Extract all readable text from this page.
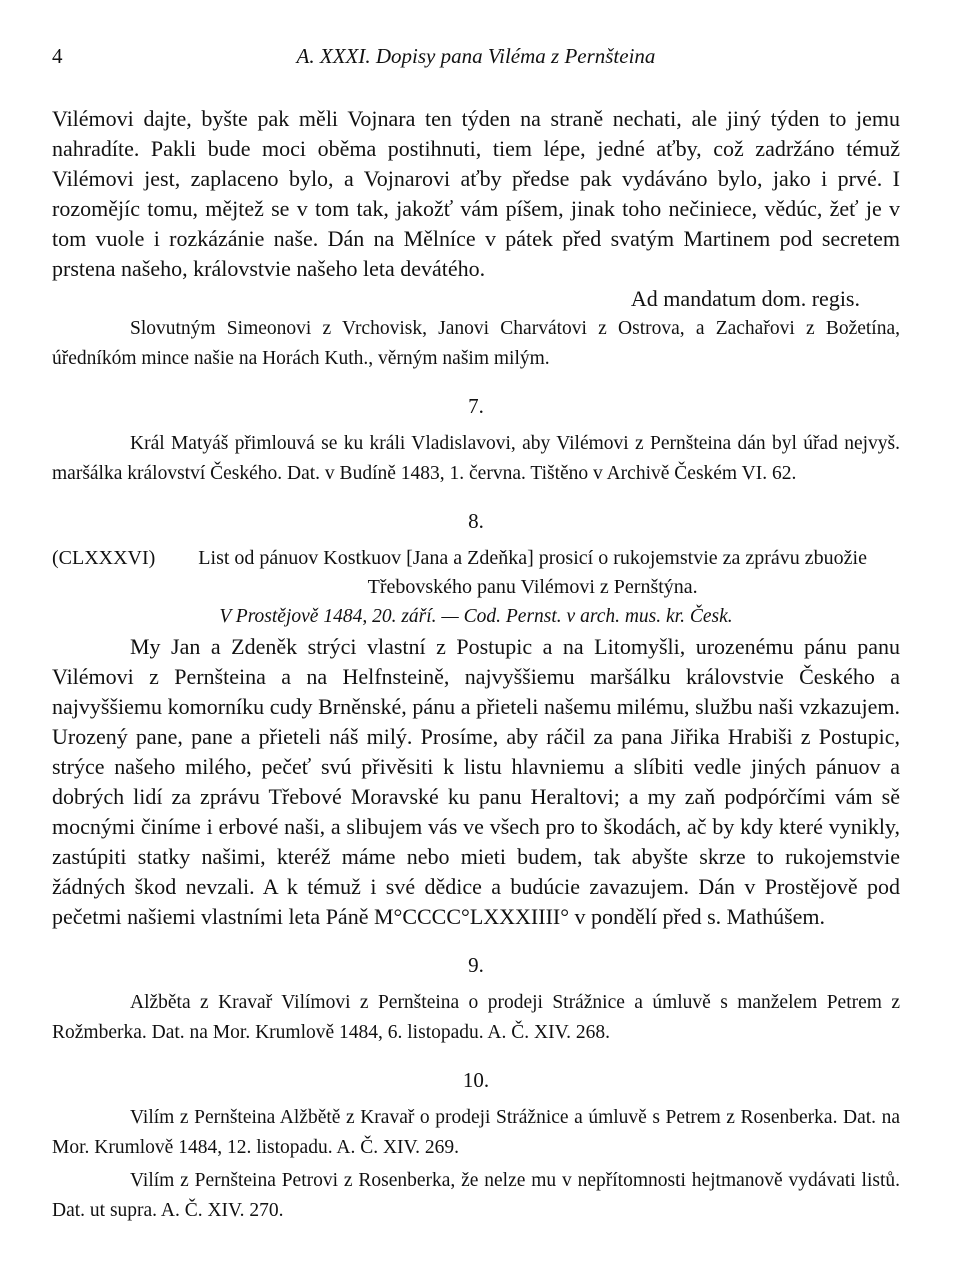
4	A. XXXI. Dopisy pana Viléma z Pernšteina

Vilémovi dajte, byšte pak měli Vojnara ten týden na straně nechati, ale jiný týden to jemu nahradíte. Pakli bude moci oběma postihnuti, tiem lépe, jedné aťby, což zadržáno témuž Vilémovi jest, zaplaceno bylo, a Vojnarovi aťby předse pak vydáváno bylo, jako i prvé. I rozomějíc tomu, mějtež se v tom tak, jakožť vám píšem, jinak toho nečiniece, vědúc, žeť je v tom vuole i rozkázánie naše. Dán na Mělníce v pátek před svatým Martinem pod secretem prstena našeho, královstvie našeho leta devátého.

Ad mandatum dom. regis.

Slovutným Simeonovi z Vrchovisk, Janovi Charvátovi z Ostrova, a Zachařovi z Božetína, úředníkóm mince našie na Horách Kuth., věrným našim milým.

7.

Král Matyáš přimlouvá se ku králi Vladislavovi, aby Vilémovi z Pernšteina dán byl úřad nejvyš. maršálka království Českého. Dat. v Budíně 1483, 1. června. Tištěno v Archivě Českém VI. 62.

8.
(CLXXXVI)	List od pánuov Kostkuov [Jana a Zdeňka] prosicí o rukojemstvie za zprávu zbuožie Třebovského panu Vilémovi z Pernštýna.

V Prostějově 1484, 20. září. — Cod. Pernst. v arch. mus. kr. Česk.

My Jan a Zdeněk strýci vlastní z Postupic a na Litomyšli, urozenému pánu panu Vilémovi z Pernšteina a na Helfnsteině, najvyššiemu maršálku královstvie Českého a najvyššiemu komorníku cudy Brněnské, pánu a přieteli našemu milému, službu naši vzkazujem. Urozený pane, pane a přieteli náš milý. Prosíme, aby ráčil za pana Jiřika Hrabiši z Postupic, strýce našeho milého, pečeť svú přivěsiti k listu hlavniemu a slíbiti vedle jiných pánuov a dobrých lidí za zprávu Třebové Moravské ku panu Heraltovi; a my zaň podpórčími vám sě mocnými činíme i erbové naši, a slibujem vás ve všech pro to škodách, ač by kdy které vynikly, zastúpiti statky našimi, kteréž máme nebo mieti budem, tak abyšte skrze to rukojemstvie žádných škod nevzali. A k témuž i své dědice a budúcie zavazujem. Dán v Prostějově pod pečetmi našiemi vlastními leta Páně M°CCCC°LXXXIIII° v pondělí před s. Mathúšem.

9.

Alžběta z Kravař Vilímovi z Pernšteina o prodeji Strážnice a úmluvě s manželem Petrem z Rožmberka. Dat. na Mor. Krumlově 1484, 6. listopadu. A. Č. XIV. 268.

10.

Vilím z Pernšteina Alžbětě z Kravař o prodeji Strážnice a úmluvě s Petrem z Rosenberka. Dat. na Mor. Krumlově 1484, 12. listopadu. A. Č. XIV. 269.

Vilím z Pernšteina Petrovi z Rosenberka, že nelze mu v nepřítomnosti hejtmanově vydávati listů. Dat. ut supra. A. Č. XIV. 270.
